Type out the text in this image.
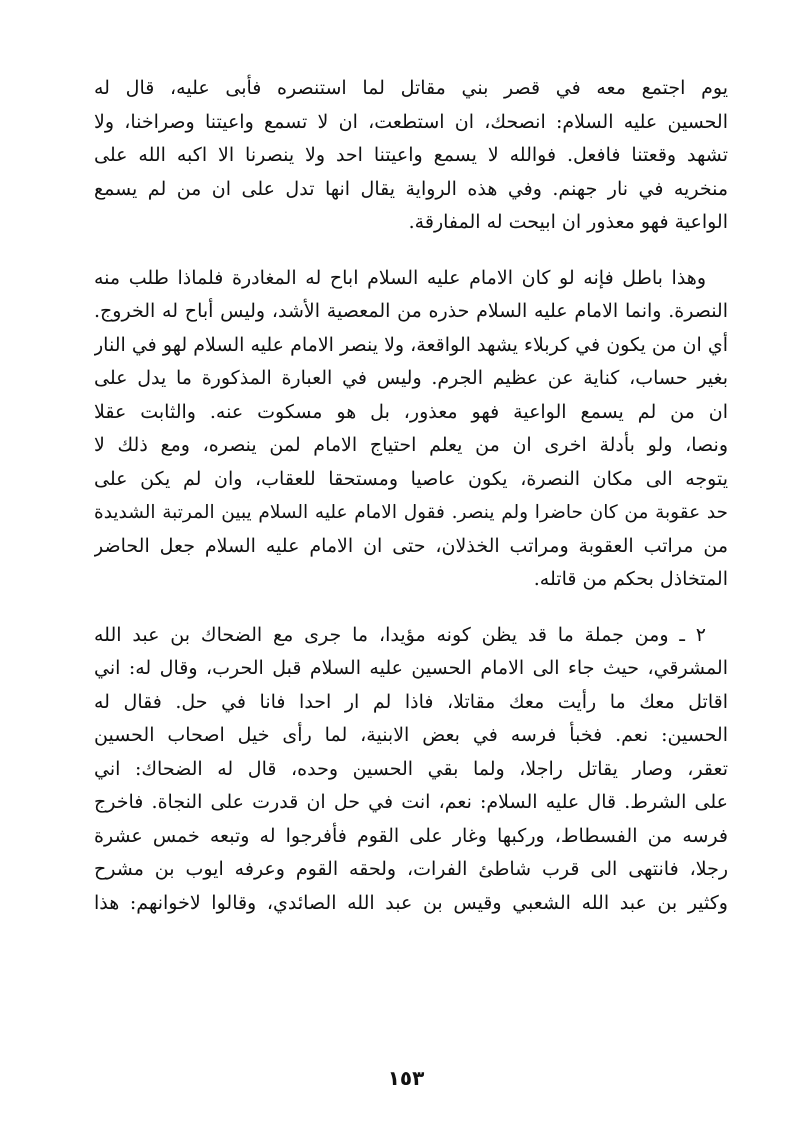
يوم اجتمع معه في قصر بني مقاتل لما استنصره فأبى عليه، قال له
الحسين عليه السلام: انصحك، ان استطعت، ان لا تسمع واعيتنا وصراخنا، ولا
تشهد وقعتنا فافعل. فوالله لا يسمع واعيتنا احد ولا ينصرنا الا اكبه الله على
منخريه في نار جهنم. وفي هذه الرواية يقال انها تدل على ان من لم يسمع
الواعية فهو معذور ان ابيحت له المفارقة.
وهذا باطل فإنه لو كان الامام عليه السلام اباح له المغادرة فلماذا طلب منه
النصرة. وانما الامام عليه السلام حذره من المعصية الأشد، وليس أباح له الخروج.
أي ان من يكون في كربلاء يشهد الواقعة، ولا ينصر الامام عليه السلام لهو في النار
بغير حساب، كناية عن عظيم الجرم. وليس في العبارة المذكورة ما يدل على
ان من لم يسمع الواعية فهو معذور، بل هو مسكوت عنه. والثابت عقلا
ونصا، ولو بأدلة اخرى ان من يعلم احتياج الامام لمن ينصره، ومع ذلك لا
يتوجه الى مكان النصرة، يكون عاصيا ومستحقا للعقاب، وان لم يكن على
حد عقوبة من كان حاضرا ولم ينصر. فقول الامام عليه السلام يبين المرتبة الشديدة
من مراتب العقوبة ومراتب الخذلان، حتى ان الامام عليه السلام جعل الحاضر
المتخاذل بحكم من قاتله.
٢ ـ ومن جملة ما قد يظن كونه مؤيدا، ما جرى مع الضحاك بن عبد الله
المشرقي، حيث جاء الى الامام الحسين عليه السلام قبل الحرب، وقال له: اني
اقاتل معك ما رأيت معك مقاتلا، فاذا لم ار احدا فانا في حل. فقال له
الحسين: نعم. فخبأ فرسه في بعض الابنية، لما رأى خيل اصحاب الحسين
تعقر، وصار يقاتل راجلا، ولما بقي الحسين وحده، قال له الضحاك: اني
على الشرط. قال عليه السلام: نعم، انت في حل ان قدرت على النجاة. فاخرج
فرسه من الفسطاط، وركبها وغار على القوم فأفرجوا له وتبعه خمس عشرة
رجلا، فانتهى الى قرب شاطئ الفرات، ولحقه القوم وعرفه ايوب بن مشرح
وكثير بن عبد الله الشعبي وقيس بن عبد الله الصائدي، وقالوا لاخوانهم: هذا
١٥٣
